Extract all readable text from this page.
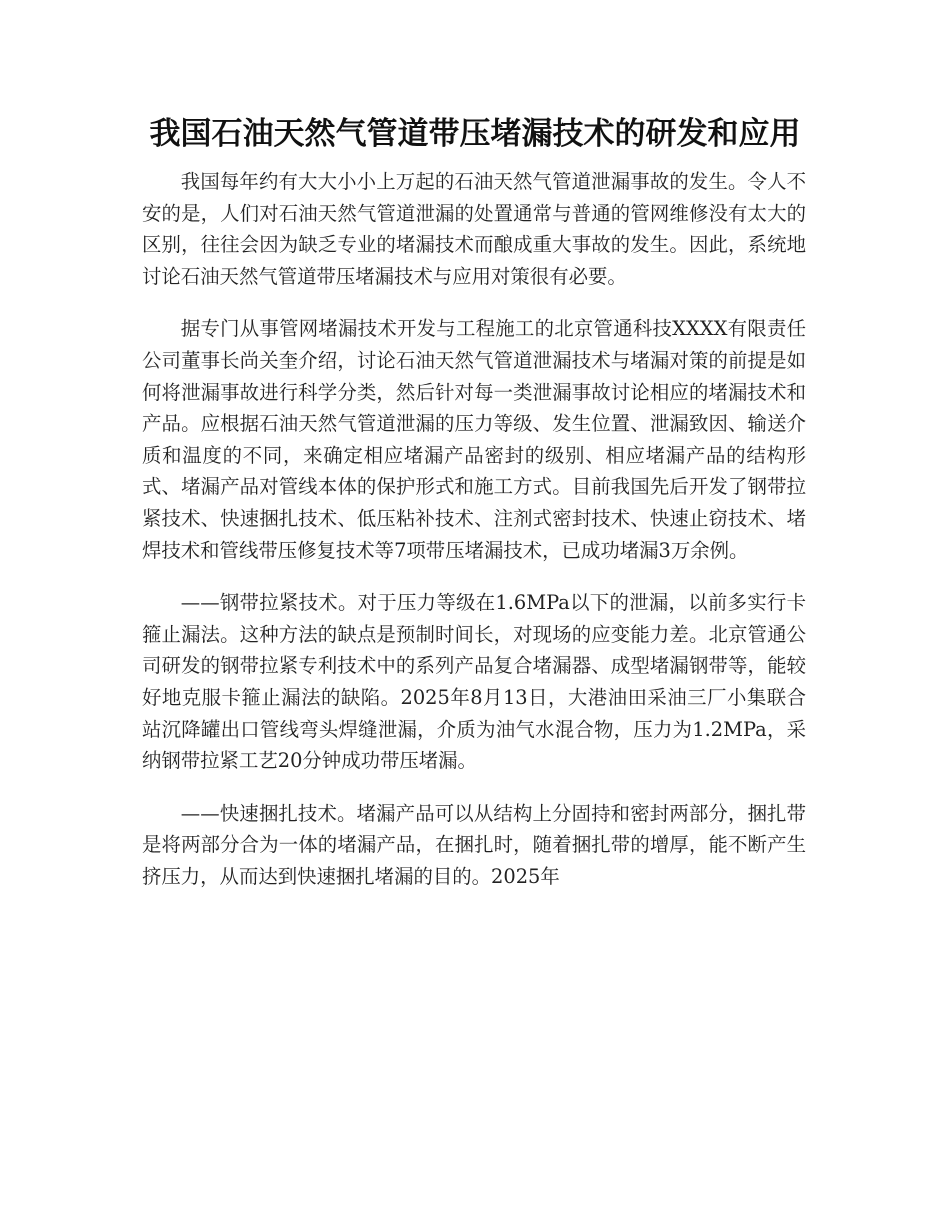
我国石油天然气管道带压堵漏技术的研发和应用

我国每年约有大大小小上万起的石油天然气管道泄漏事故的发生。令人不安的是，人们对石油天然气管道泄漏的处置通常与普通的管网维修没有太大的区别，往往会因为缺乏专业的堵漏技术而酿成重大事故的发生。因此，系统地讨论石油天然气管道带压堵漏技术与应用对策很有必要。

据专门从事管网堵漏技术开发与工程施工的北京管通科技XXXX有限责任公司董事长尚关奎介绍，讨论石油天然气管道泄漏技术与堵漏对策的前提是如何将泄漏事故进行科学分类，然后针对每一类泄漏事故讨论相应的堵漏技术和产品。应根据石油天然气管道泄漏的压力等级、发生位置、泄漏致因、输送介质和温度的不同，来确定相应堵漏产品密封的级别、相应堵漏产品的结构形式、堵漏产品对管线本体的保护形式和施工方式。目前我国先后开发了钢带拉紧技术、快速捆扎技术、低压粘补技术、注剂式密封技术、快速止窃技术、堵焊技术和管线带压修复技术等7项带压堵漏技术，已成功堵漏3万余例。

——钢带拉紧技术。对于压力等级在1.6MPa以下的泄漏，以前多实行卡箍止漏法。这种方法的缺点是预制时间长，对现场的应变能力差。北京管通公司研发的钢带拉紧专利技术中的系列产品复合堵漏器、成型堵漏钢带等，能较好地克服卡箍止漏法的缺陷。2025年8月13日，大港油田采油三厂小集联合站沉降罐出口管线弯头焊缝泄漏，介质为油气水混合物，压力为1.2MPa，采纳钢带拉紧工艺20分钟成功带压堵漏。

——快速捆扎技术。堵漏产品可以从结构上分固持和密封两部分，捆扎带是将两部分合为一体的堵漏产品，在捆扎时，随着捆扎带的增厚，能不断产生挤压力，从而达到快速捆扎堵漏的目的。2025年
